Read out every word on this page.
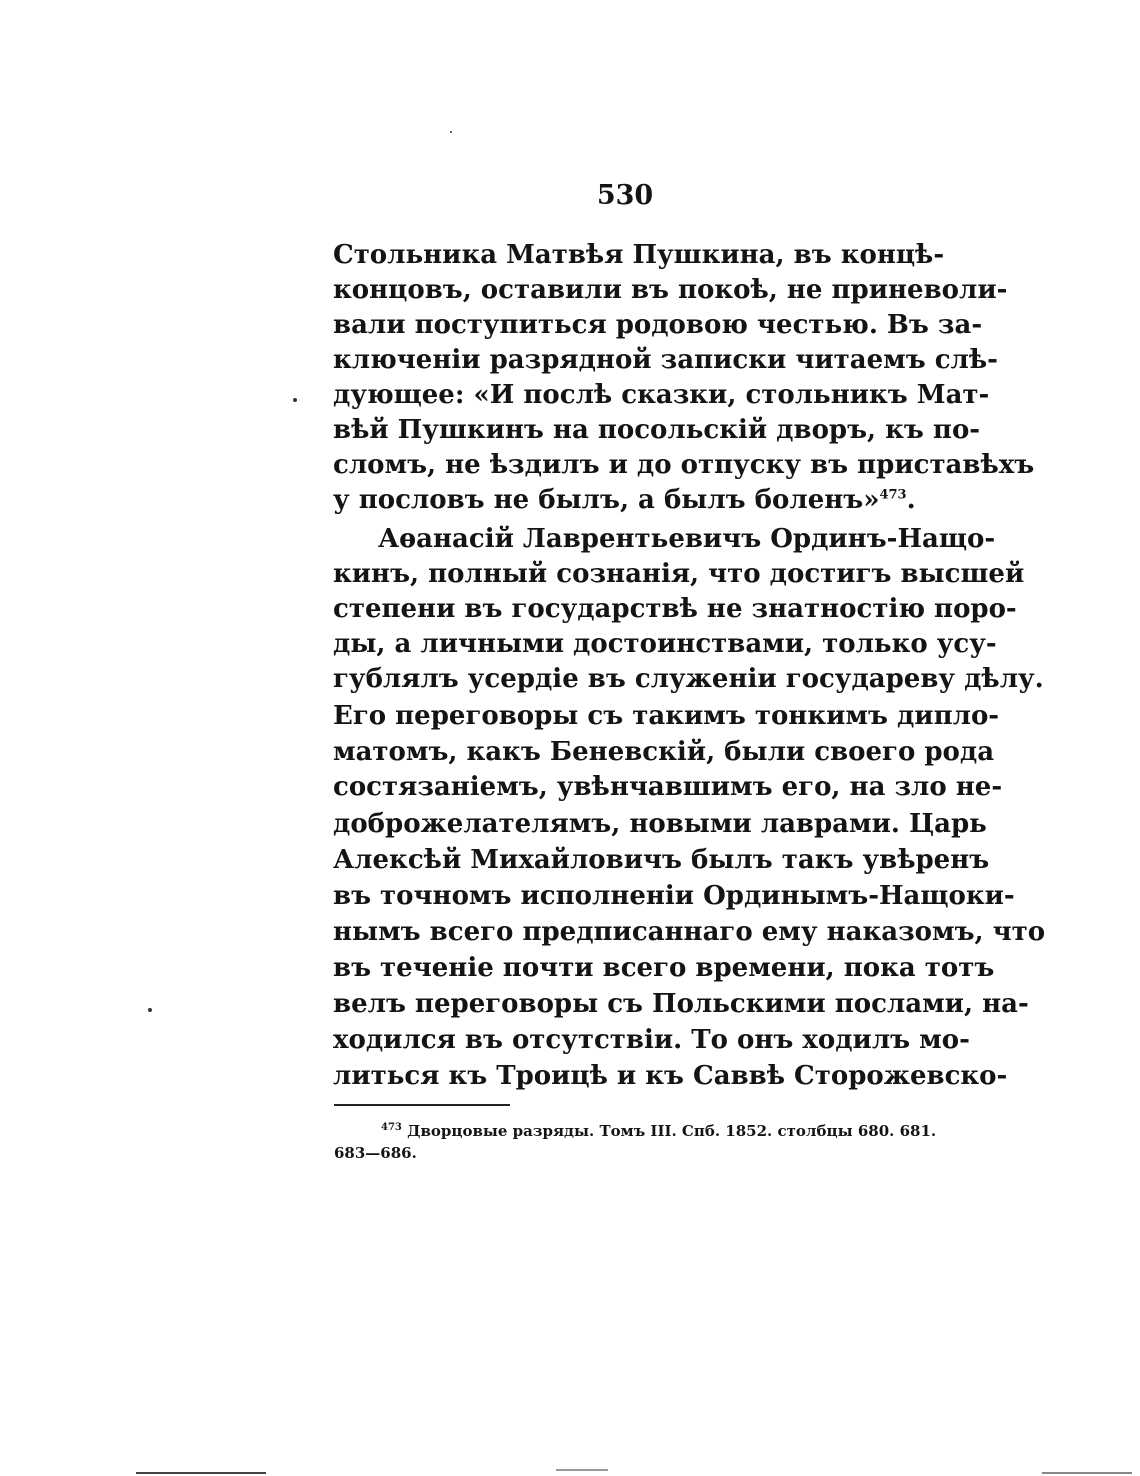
530
Стольника Матвѣя Пушкина, въ концѣ-
концовъ, оставили въ покоѣ, не приневоли-
вали поступиться родовою честью. Въ за-
ключеніи разрядной записки читаемъ слѣ-
дующее: «И послѣ сказки, стольникъ Мат-
вѣй Пушкинъ на посольскій дворъ, къ по-
сломъ, не ѣздилъ и до отпуску въ приставѣхъ
у пословъ не былъ, а былъ боленъ»$^{473}$.
Аѳанасій Лаврентьевичъ Ординъ-Нащо-
кинъ, полный сознанія, что достигъ высшей
степени въ государствѣ не знатностію поро-
ды, а личными достоинствами, только усу-
гублялъ усердіе въ служеніи государеву дѣлу.
Его переговоры съ такимъ тонкимъ дипло-
матомъ, какъ Беневскій, были своего рода
состязаніемъ, увѣнчавшимъ его, на зло не-
доброжелателямъ, новыми лаврами. Царь
Алексѣй Михайловичъ былъ такъ увѣренъ
въ точномъ исполненіи Ординымъ-Нащоки-
нымъ всего предписаннаго ему наказомъ, что
въ теченіе почти всего времени, пока тотъ
велъ переговоры съ Польскими послами, на-
ходился въ отсутствіи. То онъ ходилъ мо-
литься къ Троицѣ и къ Саввѣ Сторожевско-
$^{473}$ Дворцовые разряды. Томъ III. Спб. 1852. столбцы 680. 681.
683—686.
